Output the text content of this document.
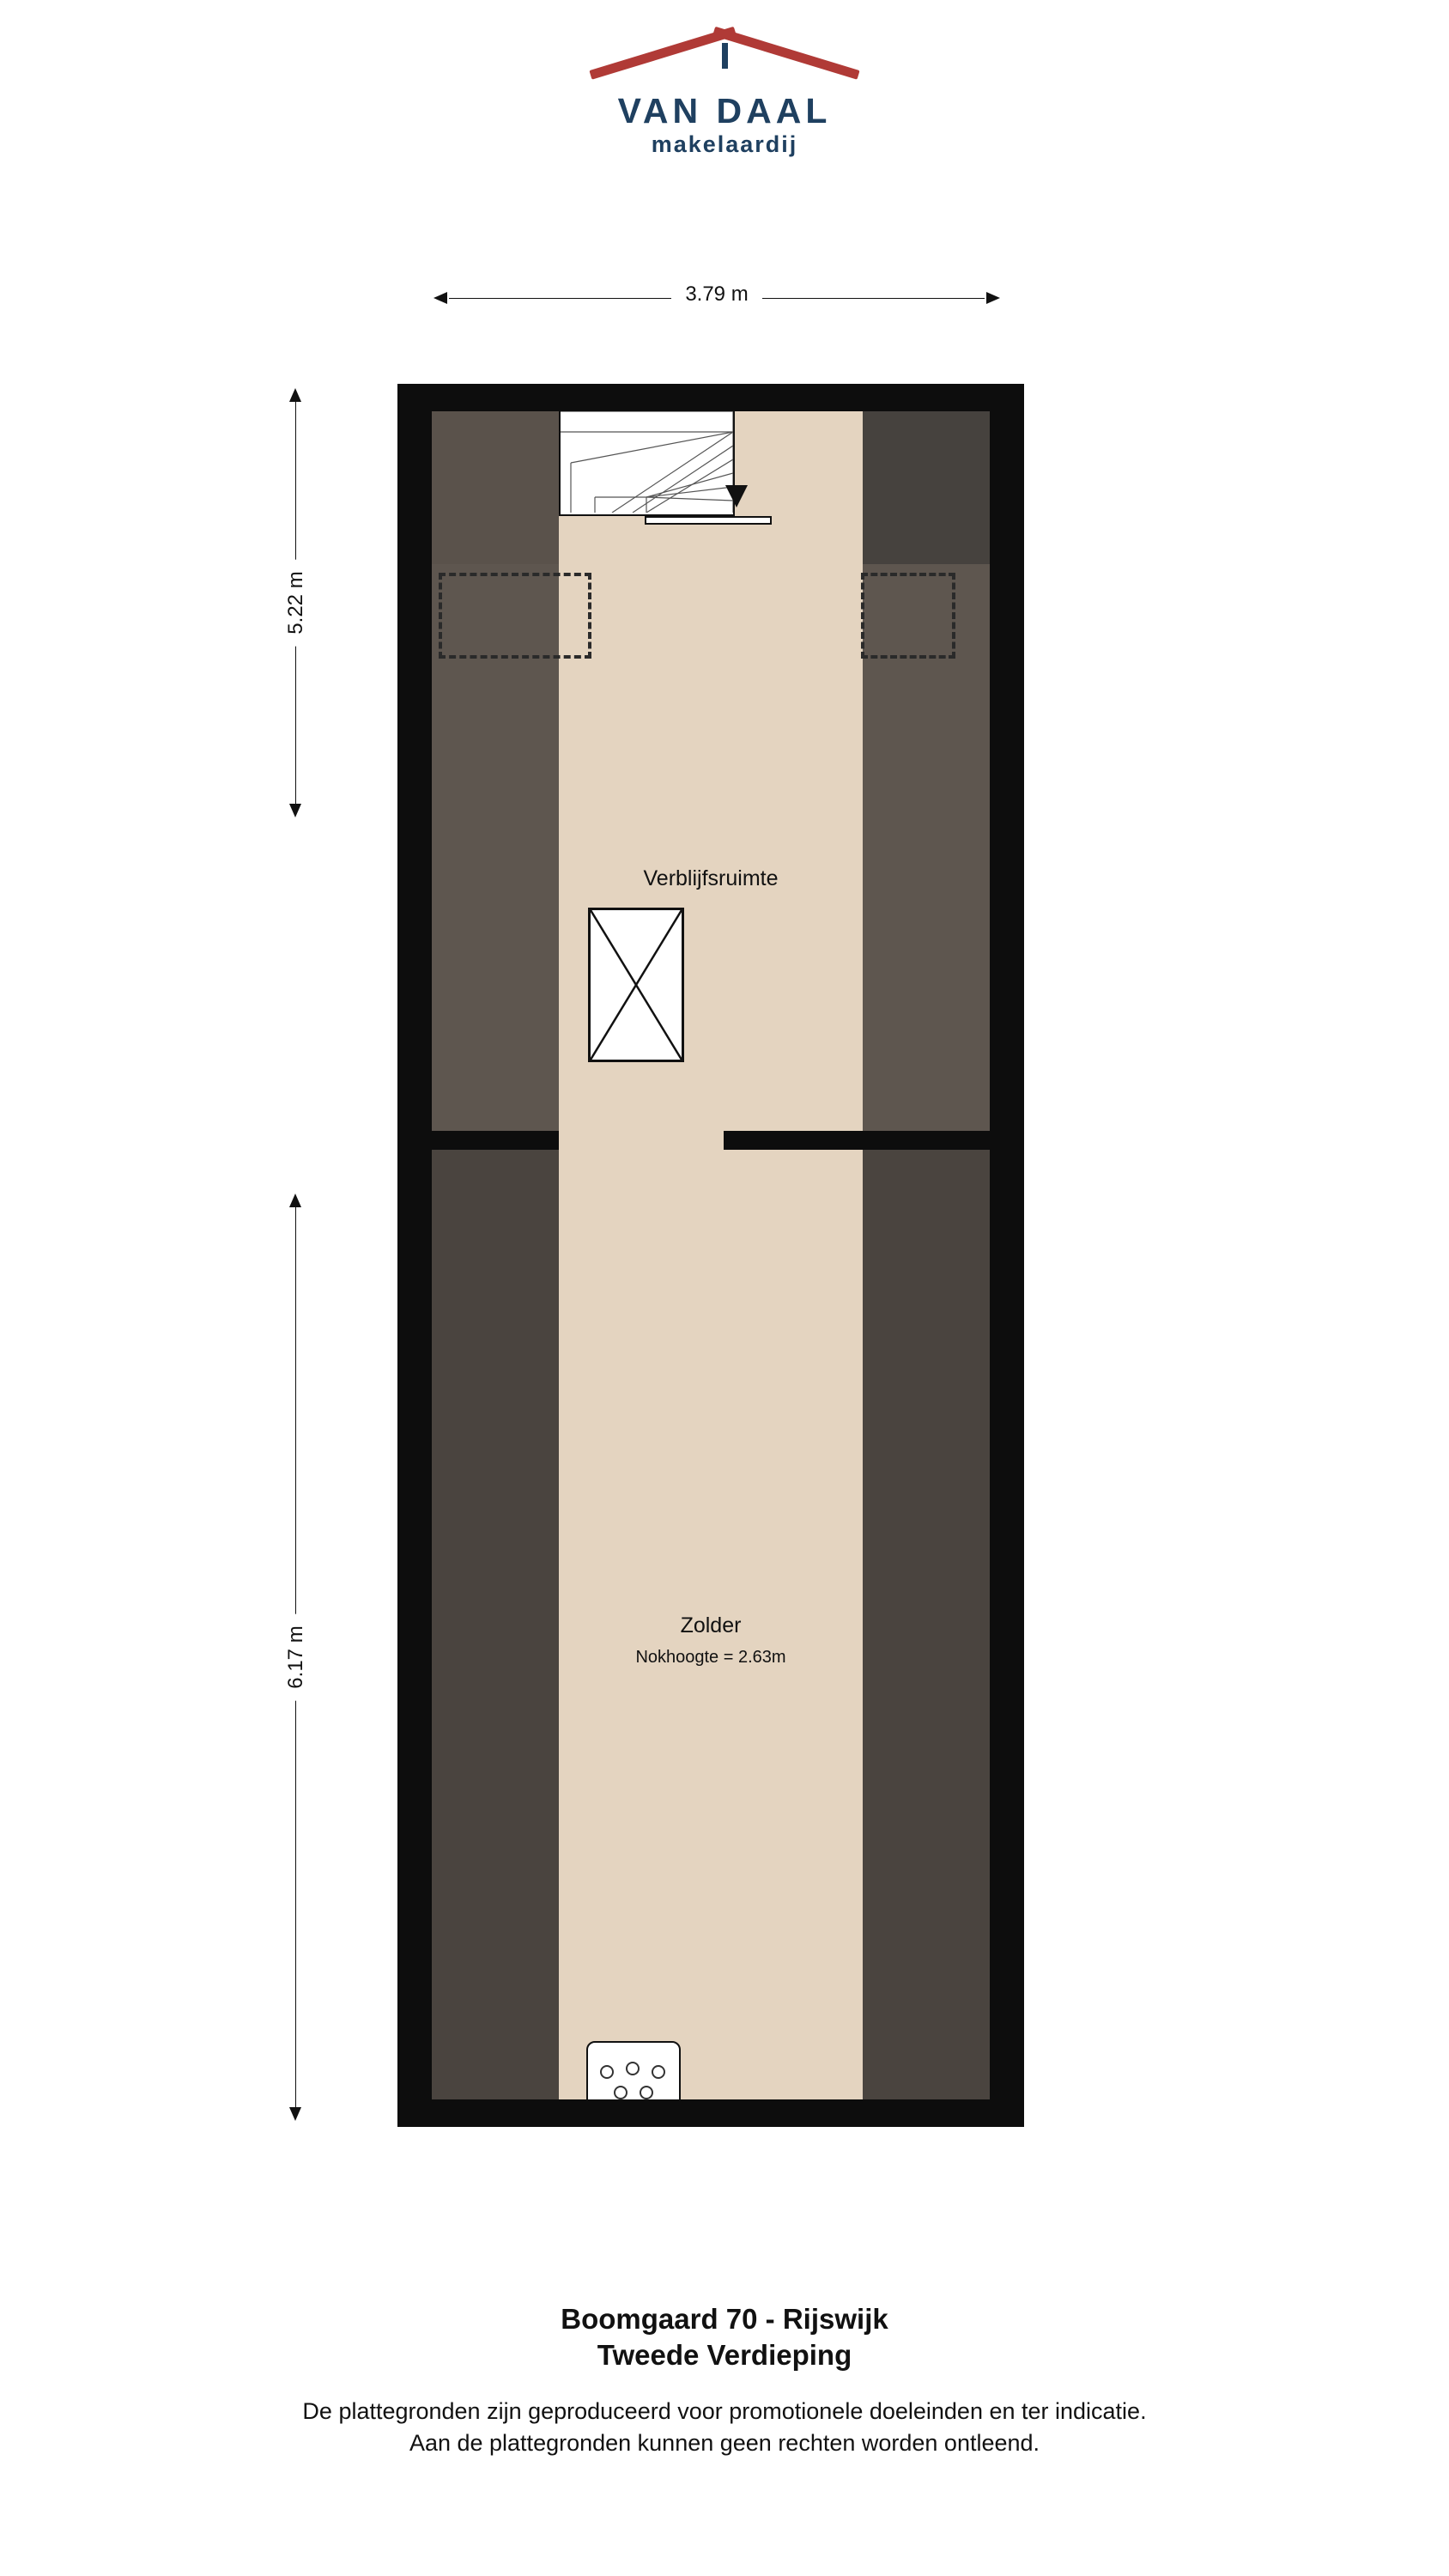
VAN DAAL
makelaardij
3.79 m
5.22 m
6.17 m
Verblijfsruimte
Zolder
Nokhoogte = 2.63m
Boomgaard 70 - Rijswijk
Tweede Verdieping
De plattegronden zijn geproduceerd voor promotionele doeleinden en ter indicatie.
Aan de plattegronden kunnen geen rechten worden ontleend.
